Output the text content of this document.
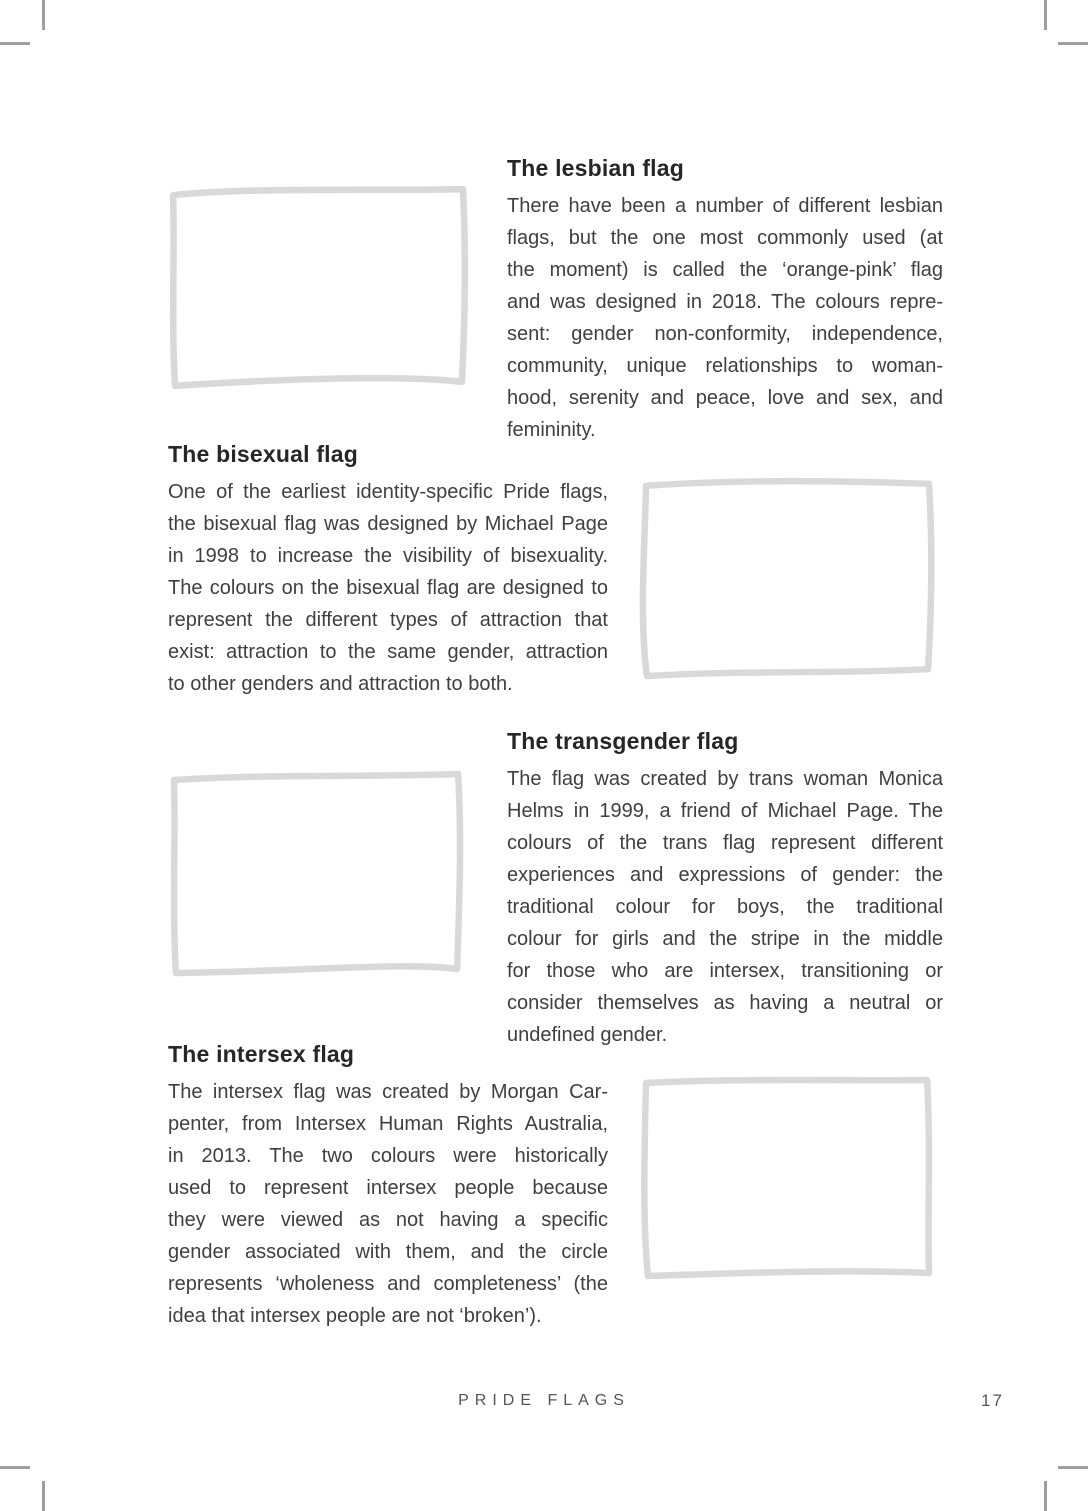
The lesbian flag
There have been a number of different lesbian
flags, but the one most commonly used (at
the moment) is called the ‘orange-pink’ flag
and was designed in 2018. The colours repre-
sent: gender non-conformity, independence,
community, unique relationships to woman-
hood, serenity and peace, love and sex, and
femininity.
The bisexual flag
One of the earliest identity-specific Pride flags,
the bisexual flag was designed by Michael Page
in 1998 to increase the visibility of bisexuality.
The colours on the bisexual flag are designed to
represent the different types of attraction that
exist: attraction to the same gender, attraction
to other genders and attraction to both.
The transgender flag
The flag was created by trans woman Monica
Helms in 1999, a friend of Michael Page. The
colours of the trans flag represent different
experiences and expressions of gender: the
traditional colour for boys, the traditional
colour for girls and the stripe in the middle
for those who are intersex, transitioning or
consider themselves as having a neutral or
undefined gender.
The intersex flag
The intersex flag was created by Morgan Car-
penter, from Intersex Human Rights Australia,
in 2013. The two colours were historically
used to represent intersex people because
they were viewed as not having a specific
gender associated with them, and the circle
represents ‘wholeness and completeness’ (the
idea that intersex people are not ‘broken’).
PRIDE FLAGS	17
